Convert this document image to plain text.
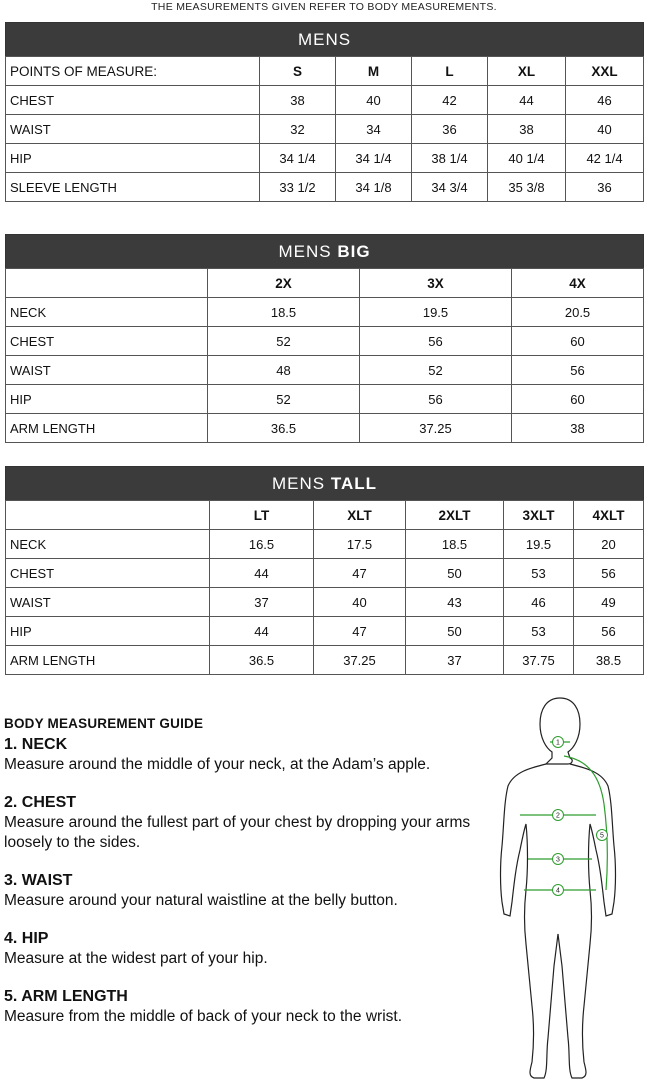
THE MEASUREMENTS GIVEN REFER TO BODY MEASUREMENTS.
MENS					
POINTS OF MEASURE:	S	M	L	XL	XXL
CHEST	38	40	42	44	46
WAIST	32	34	36	38	40
HIP	34 1/4	34 1/4	38 1/4	40 1/4	42 1/4
SLEEVE LENGTH	33 1/2	34 1/8	34 3/4	35 3/8	36
MENS BIG			
	2X	3X	4X
NECK	18.5	19.5	20.5
CHEST	52	56	60
WAIST	48	52	56
HIP	52	56	60
ARM LENGTH	36.5	37.25	38
MENS TALL					
	LT	XLT	2XLT	3XLT	4XLT
NECK	16.5	17.5	18.5	19.5	20
CHEST	44	47	50	53	56
WAIST	37	40	43	46	49
HIP	44	47	50	53	56
ARM LENGTH	36.5	37.25	37	37.75	38.5
BODY MEASUREMENT GUIDE
1. NECK

Measure around the middle of your neck, at the Adam’s apple.

2. CHEST

Measure around the fullest part of your chest by dropping your arms loosely to the sides.

3. WAIST

Measure around your natural waistline at the belly button.

4. HIP

Measure at the widest part of your hip.

5. ARM LENGTH

Measure from the middle of back of your neck to the wrist.

1
2
3
4
5
